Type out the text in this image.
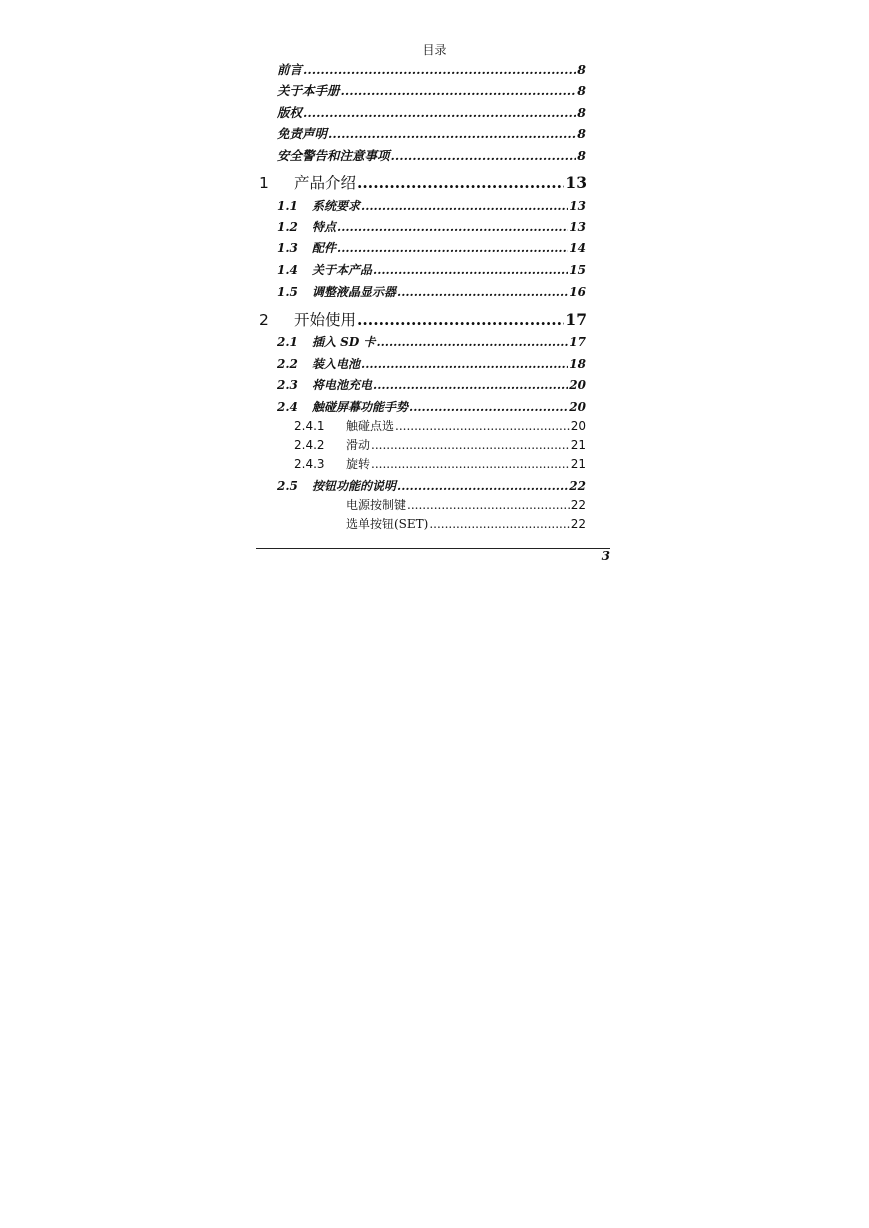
目录
前言 .....	8
关于本手册 .....	8
版权 .....	8
免责声明 .....	8
安全警告和注意事项 .....	8
1	产品介绍 .....	13
1.1	系统要求 .....	13
1.2	特点 .....	13
1.3	配件 .....	14
1.4	关于本产品 .....	15
1.5	调整液晶显示器 .....	16
2	开始使用 .....	17
2.1	插入 SD 卡 .....	17
2.2	装入电池 .....	18
2.3	将电池充电 .....	20
2.4	触碰屏幕功能手势 .....	20
2.4.1	触碰点选 .....	20
2.4.2	滑动 .....	21
2.4.3	旋转 .....	21
2.5	按钮功能的说明 .....	22
电源按制键 .....	22
选单按钮(SET) .....	22
3
